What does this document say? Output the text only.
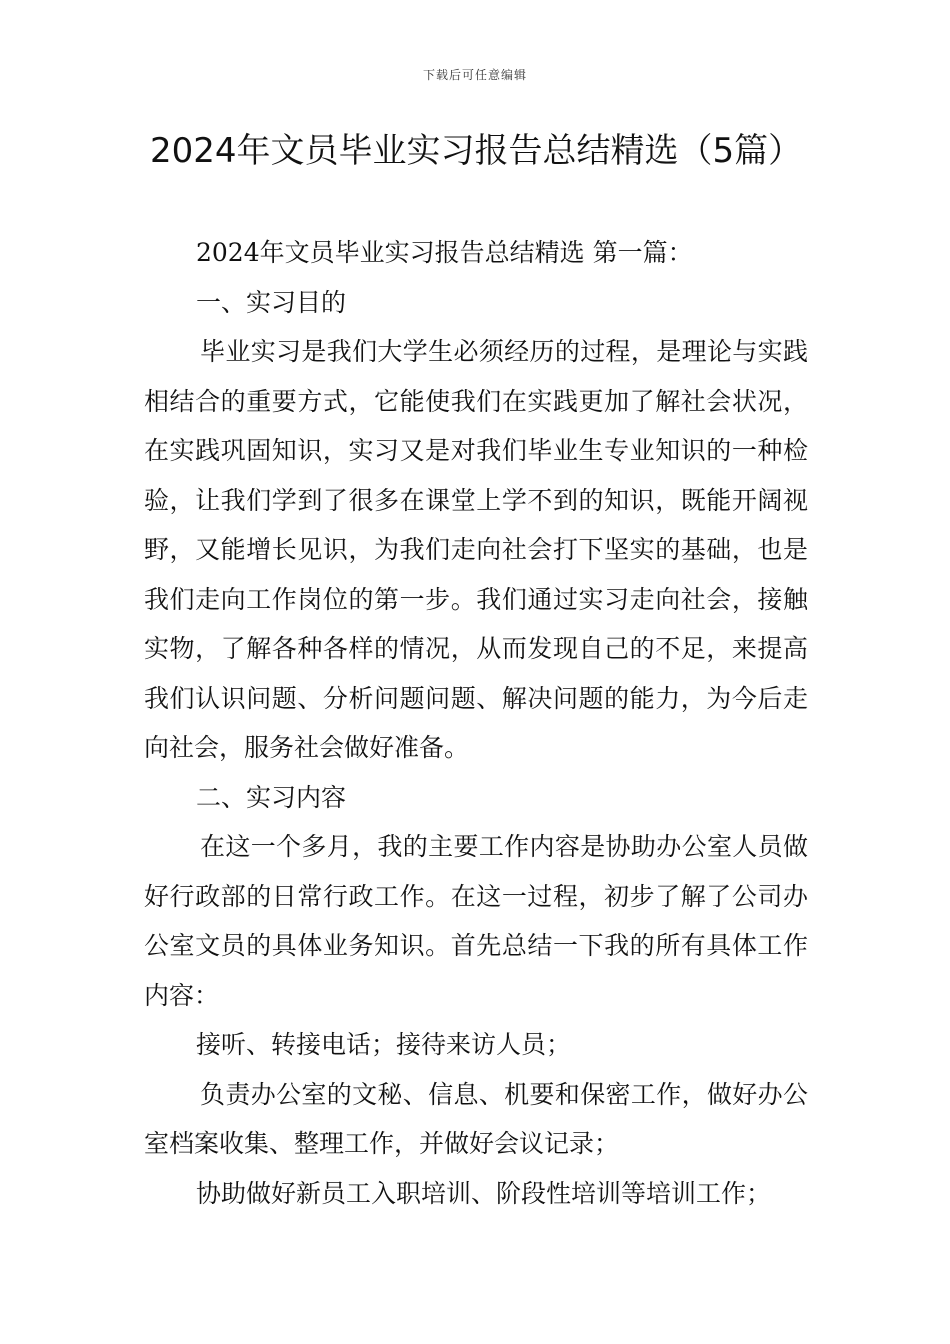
下载后可任意编辑
2024年文员毕业实习报告总结精选（5篇）

2024年文员毕业实习报告总结精选 第一篇：

一、实习目的

毕业实习是我们大学生必须经历的过程，是理论与实践相结合的重要方式，它能使我们在实践更加了解社会状况，在实践巩固知识，实习又是对我们毕业生专业知识的一种检验，让我们学到了很多在课堂上学不到的知识，既能开阔视野，又能增长见识，为我们走向社会打下坚实的基础，也是我们走向工作岗位的第一步。我们通过实习走向社会，接触实物，了解各种各样的情况，从而发现自己的不足，来提高我们认识问题、分析问题问题、解决问题的能力，为今后走向社会，服务社会做好准备。

二、实习内容

在这一个多月，我的主要工作内容是协助办公室人员做好行政部的日常行政工作。在这一过程，初步了解了公司办公室文员的具体业务知识。首先总结一下我的所有具体工作内容：

接听、转接电话；接待来访人员；

负责办公室的文秘、信息、机要和保密工作，做好办公室档案收集、整理工作，并做好会议记录；

协助做好新员工入职培训、阶段性培训等培训工作；
